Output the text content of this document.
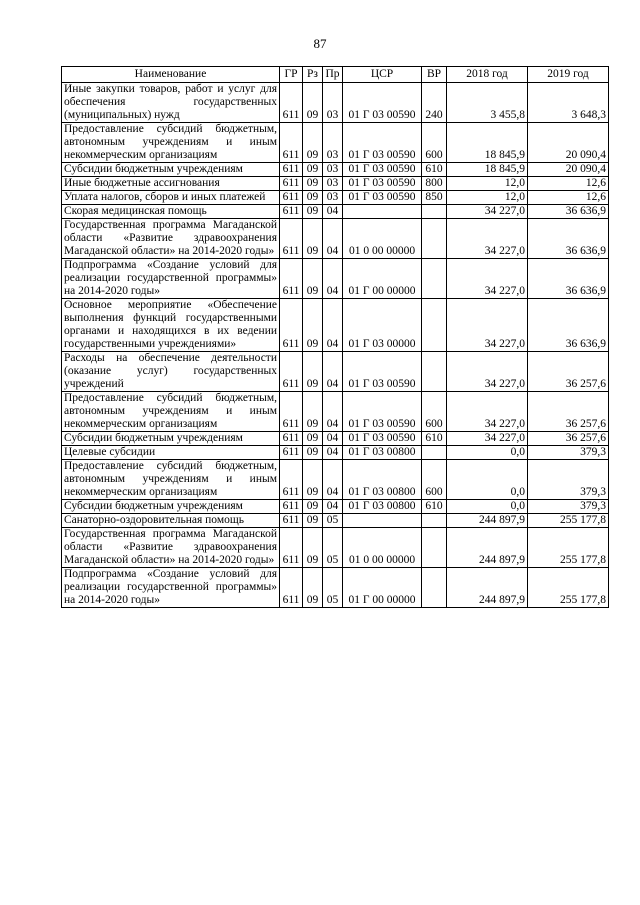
87
Наименование	ГР	Рз	Пр	ЦСР	ВР	2018 год	2019 год
Иные закупки товаров, работ и услуг для обеспечения государственных (муниципальных) нужд	611	09	03	01 Г 03 00590	240	3 455,8	3 648,3
Предоставление субсидий бюджетным, автономным учреждениям и иным некоммерческим организациям	611	09	03	01 Г 03 00590	600	18 845,9	20 090,4
Субсидии бюджетным учреждениям	611	09	03	01 Г 03 00590	610	18 845,9	20 090,4
Иные бюджетные ассигнования	611	09	03	01 Г 03 00590	800	12,0	12,6
Уплата налогов, сборов и иных платежей	611	09	03	01 Г 03 00590	850	12,0	12,6
Скорая медицинская помощь	611	09	04			34 227,0	36 636,9
Государственная программа Магаданской области «Развитие здравоохранения Магаданской области» на 2014-2020 годы»	611	09	04	01 0 00 00000		34 227,0	36 636,9
Подпрограмма «Создание условий для реализации государственной программы» на 2014-2020 годы»	611	09	04	01 Г 00 00000		34 227,0	36 636,9
Основное мероприятие «Обеспечение выполнения функций государственными органами и находящихся в их ведении государственными учреждениями»	611	09	04	01 Г 03 00000		34 227,0	36 636,9
Расходы на обеспечение деятельности (оказание услуг) государственных учреждений	611	09	04	01 Г 03 00590		34 227,0	36 257,6
Предоставление субсидий бюджетным, автономным учреждениям и иным некоммерческим организациям	611	09	04	01 Г 03 00590	600	34 227,0	36 257,6
Субсидии бюджетным учреждениям	611	09	04	01 Г 03 00590	610	34 227,0	36 257,6
Целевые субсидии	611	09	04	01 Г 03 00800		0,0	379,3
Предоставление субсидий бюджетным, автономным учреждениям и иным некоммерческим организациям	611	09	04	01 Г 03 00800	600	0,0	379,3
Субсидии бюджетным учреждениям	611	09	04	01 Г 03 00800	610	0,0	379,3
Санаторно-оздоровительная помощь	611	09	05			244 897,9	255 177,8
Государственная программа Магаданской области «Развитие здравоохранения Магаданской области» на 2014-2020 годы»	611	09	05	01 0 00 00000		244 897,9	255 177,8
Подпрограмма «Создание условий для реализации государственной программы» на 2014-2020 годы»	611	09	05	01 Г 00 00000		244 897,9	255 177,8
